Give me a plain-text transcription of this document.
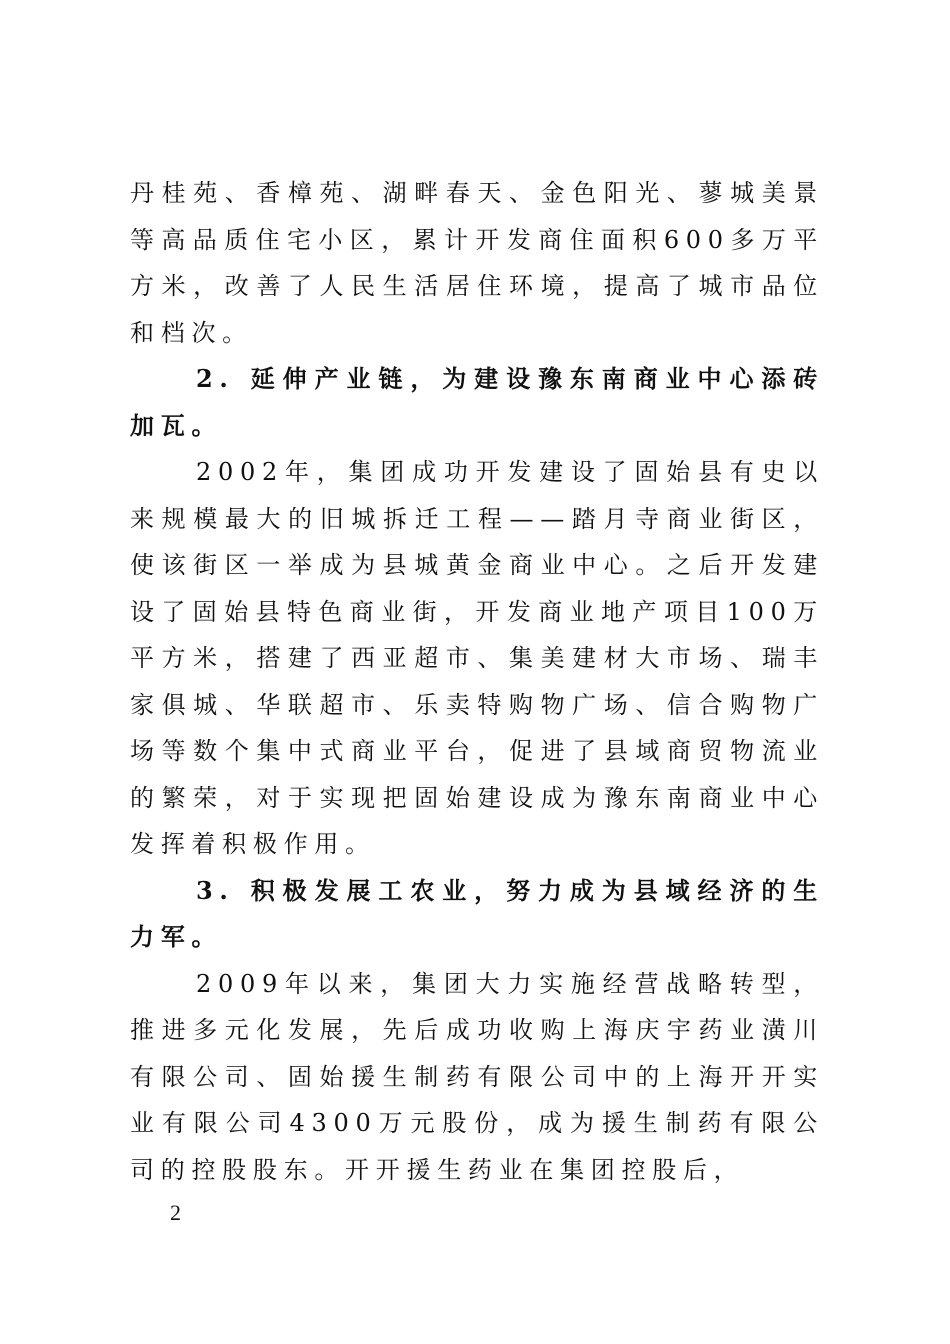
丹桂苑、香樟苑、湖畔春天、金色阳光、蓼城美景等高品质住宅小区，累计开发商住面积600多万平方米，改善了人民生活居住环境，提高了城市品位和档次。

2. 延伸产业链，为建设豫东南商业中心添砖加瓦。

2002年，集团成功开发建设了固始县有史以来规模最大的旧城拆迁工程——踏月寺商业街区，使该街区一举成为县城黄金商业中心。之后开发建设了固始县特色商业街，开发商业地产项目100万平方米，搭建了西亚超市、集美建材大市场、瑞丰家俱城、华联超市、乐卖特购物广场、信合购物广场等数个集中式商业平台，促进了县域商贸物流业的繁荣，对于实现把固始建设成为豫东南商业中心发挥着积极作用。

3. 积极发展工农业，努力成为县域经济的生力军。

2009年以来，集团大力实施经营战略转型，推进多元化发展，先后成功收购上海庆宇药业潢川有限公司、固始援生制药有限公司中的上海开开实业有限公司4300万元股份，成为援生制药有限公司的控股股东。开开援生药业在集团控股后，

2
